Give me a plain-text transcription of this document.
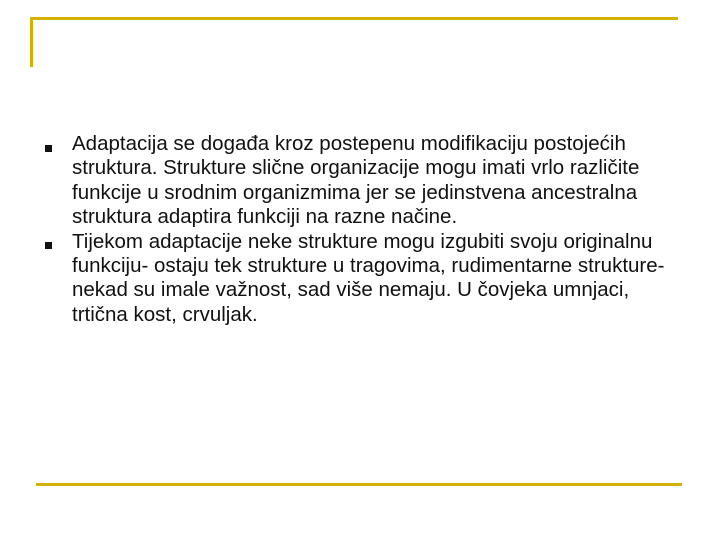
Adaptacija se događa kroz postepenu modifikaciju postojećih struktura. Strukture slične organizacije mogu imati vrlo različite funkcije u srodnim organizmima jer se jedinstvena ancestralna struktura adaptira funkciji na razne načine.
Tijekom adaptacije neke strukture mogu izgubiti svoju originalnu funkciju- ostaju tek strukture u tragovima, rudimentarne strukture- nekad su imale važnost, sad više nemaju. U čovjeka umnjaci, trtična kost, crvuljak.
